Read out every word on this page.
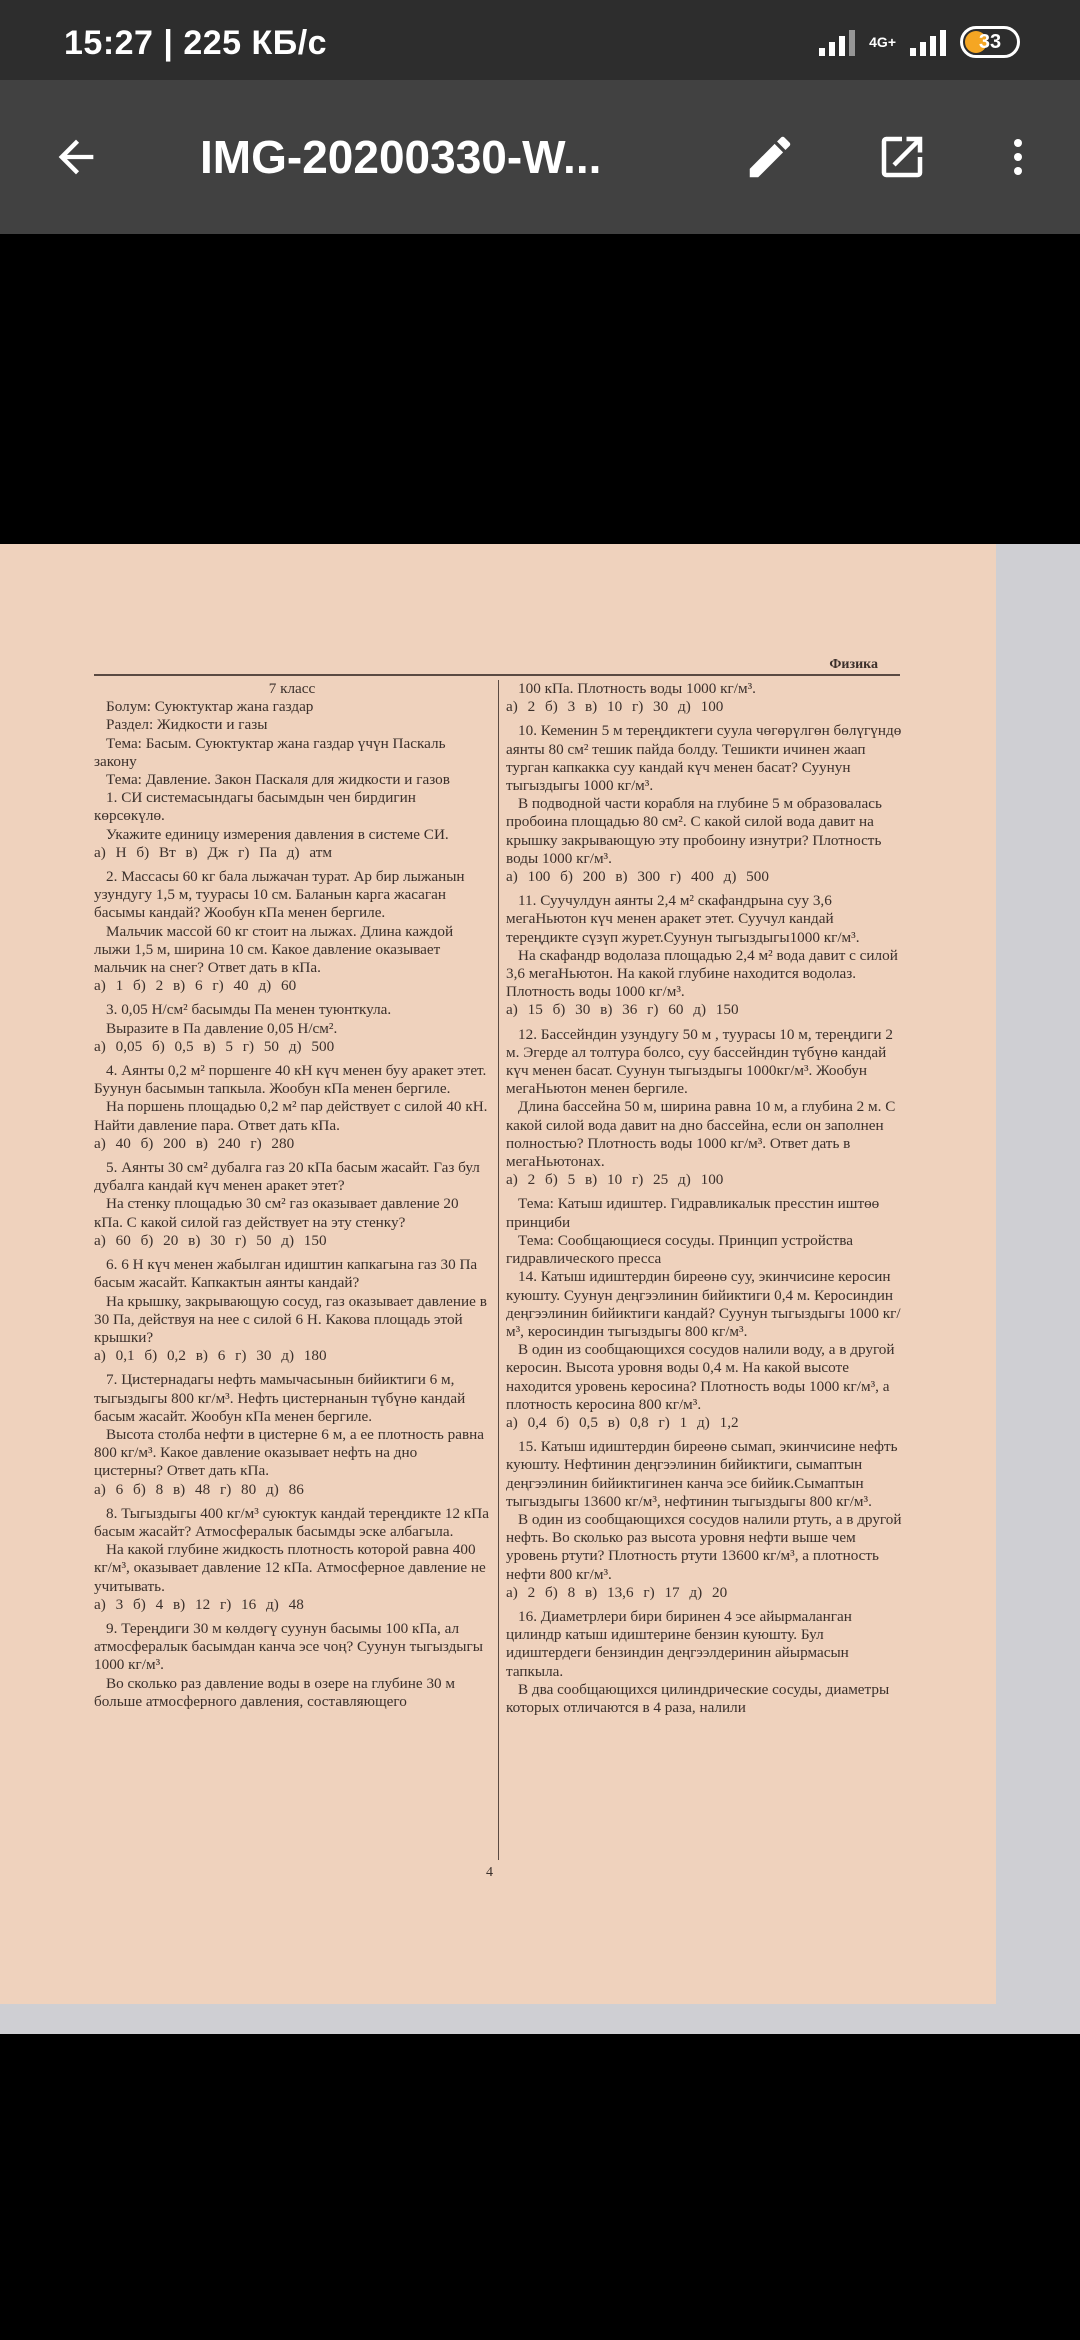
15:27 | 225 КБ/с	4G+	33
IMG-20200330-W...
Физика

7 класс

Болум: Суюктуктар жана газдар

Раздел: Жидкости и газы

Тема: Басым. Суюктуктар жана газдар үчүн Паскаль закону

Тема: Давление. Закон Паскаля для жидкости и газов

1. СИ системасындагы басымдын чен бирдигин көрсөкүлө.

Укажите единицу измерения давления в системе СИ.

а) Н б) Вт в) Дж г) Па д) атм

2. Массасы 60 кг бала лыжачан турат. Ар бир лыжанын узундугу 1,5 м, туурасы 10 см. Баланын карга жасаган басымы кандай? Жообун кПа менен бергиле.

Мальчик массой 60 кг стоит на лыжах. Длина каждой лыжи 1,5 м, ширина 10 см. Какое давление оказывает мальчик на снег? Ответ дать в кПа.

а) 1 б) 2 в) 6 г) 40 д) 60

3. 0,05 Н/см² басымды Па менен туюнткула.

Выразите в Па давление 0,05 Н/см².

а) 0,05 б) 0,5 в) 5 г) 50 д) 500

4. Аянты 0,2 м² поршенге 40 кН күч менен буу аракет этет. Буунун басымын тапкыла. Жообун кПа менен бергиле.

На поршень площадью 0,2 м² пар действует с силой 40 кН. Найти давление пара. Ответ дать кПа.

а) 40 б) 200 в) 240 г) 280

5. Аянты 30 см² дубалга газ 20 кПа басым жасайт. Газ бул дубалга кандай күч менен аракет этет?

На стенку площадью 30 см² газ оказывает давление 20 кПа. С какой силой газ действует на эту стенку?

а) 60 б) 20 в) 30 г) 50 д) 150

6. 6 Н күч менен жабылган идиштин капкагына газ 30 Па басым жасайт. Капкактын аянты кандай?

На крышку, закрывающую сосуд, газ оказывает давление в 30 Па, действуя на нее с силой 6 Н. Какова площадь этой крышки?

а) 0,1 б) 0,2 в) 6 г) 30 д) 180

7. Цистернадагы нефть мамычасынын бийиктиги 6 м, тыгыздыгы 800 кг/м³. Нефть цистернанын түбүнө кандай басым жасайт. Жообун кПа менен бергиле.

Высота столба нефти в цистерне 6 м, а ее плотность равна 800 кг/м³. Какое давление оказывает нефть на дно цистерны? Ответ дать кПа.

а) 6 б) 8 в) 48 г) 80 д) 86

8. Тыгыздыгы 400 кг/м³ суюктук кандай тереңдикте 12 кПа басым жасайт? Атмосфералык басымды эске албагыла.

На какой глубине жидкость плотность которой равна 400 кг/м³, оказывает давление 12 кПа. Атмосферное давление не учитывать.

а) 3 б) 4 в) 12 г) 16 д) 48

9. Тереңдиги 30 м көлдөгү суунун басымы 100 кПа, ал атмосфералык басымдан канча эсе чоң? Суунун тыгыздыгы 1000 кг/м³.

Во сколько раз давление воды в озере на глубине 30 м больше атмосферного давления, составляющего

100 кПа. Плотность воды 1000 кг/м³.

а) 2 б) 3 в) 10 г) 30 д) 100

10. Кеменин 5 м тереңдиктеги суула чөгөрүлгөн бөлүгүндө аянты 80 см² тешик пайда болду. Тешикти ичинен жаап турган капкакка суу кандай күч менен басат? Суунун тыгыздыгы 1000 кг/м³.

В подводной части корабля на глубине 5 м образовалась пробоина площадью 80 см². С какой силой вода давит на крышку закрывающую эту пробоину изнутри? Плотность воды 1000 кг/м³.

а) 100 б) 200 в) 300 г) 400 д) 500

11. Суучулдун аянты 2,4 м² скафандрына суу 3,6 мегаНьютон күч менен аракет этет. Суучул кандай тереңдикте сүзүп журет.Суунун тыгыздыгы1000 кг/м³.

На скафандр водолаза площадью 2,4 м² вода давит с силой 3,6 мегаНьютон. На какой глубине находится водолаз. Плотность воды 1000 кг/м³.

а) 15 б) 30 в) 36 г) 60 д) 150

12. Бассейндин узундугу 50 м , туурасы 10 м, тереңдиги 2 м. Эгерде ал толтура болсо, суу бассейндин түбүнө кандай күч менен басат. Суунун тыгыздыгы 1000кг/м³. Жообун мегаНьютон менен бергиле.

Длина бассейна 50 м, ширина равна 10 м, а глубина 2 м. С какой силой вода давит на дно бассейна, если он заполнен полностью? Плотность воды 1000 кг/м³. Ответ дать в мегаНьютонах.

а) 2 б) 5 в) 10 г) 25 д) 100

Тема: Катыш идиштер. Гидравликалык пресстин иштөө принциби

Тема: Сообщающиеся сосуды. Принцип устройства гидравлического пресса

14. Катыш идиштердин биреөнө суу, экинчисине керосин куюшту. Суунун деңгээлинин бийиктиги 0,4 м. Керосиндин деңгээлинин бийиктиги кандай? Суунун тыгыздыгы 1000 кг/м³, керосиндин тыгыздыгы 800 кг/м³.

В один из сообщающихся сосудов налили воду, а в другой керосин. Высота уровня воды 0,4 м. На какой высоте находится уровень керосина? Плотность воды 1000 кг/м³, а плотность керосина 800 кг/м³.

а) 0,4 б) 0,5 в) 0,8 г) 1 д) 1,2

15. Катыш идиштердин биреөнө сымап, экинчисине нефть куюшту. Нефтинин деңгээлинин бийиктиги, сымаптын деңгээлинин бийиктигинен канча эсе бийик.Сымаптын тыгыздыгы 13600 кг/м³, нефтинин тыгыздыгы 800 кг/м³.

В один из сообщающихся сосудов налили ртуть, а в другой нефть. Во сколько раз высота уровня нефти выше чем уровень ртути? Плотность ртути 13600 кг/м³, а плотность нефти 800 кг/м³.

а) 2 б) 8 в) 13,6 г) 17 д) 20

16. Диаметрлери бири биринен 4 эсе айырмаланган цилиндр катыш идиштерине бензин куюшту. Бул идиштердеги бензиндин деңгээлдеринин айырмасын тапкыла.

В два сообщающихся цилиндрические сосуды, диаметры которых отличаются в 4 раза, налили

4
